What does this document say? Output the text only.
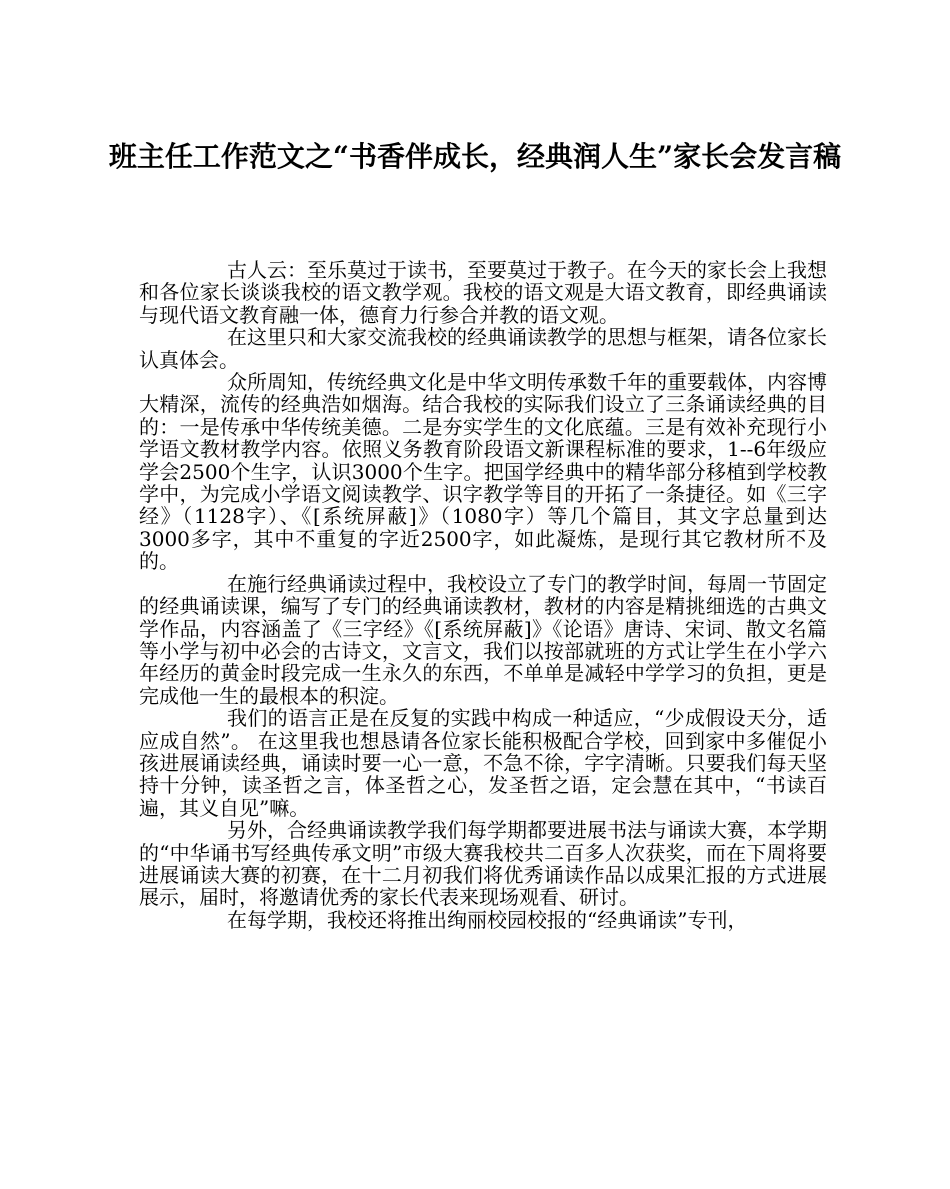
班主任工作范文之“书香伴成长，经典润人生”家长会发言稿

古人云：至乐莫过于读书，至要莫过于教子。在今天的家长会上我想和各位家长谈谈我校的语文教学观。我校的语文观是大语文教育，即经典诵读与现代语文教育融一体，德育力行参合并教的语文观。

在这里只和大家交流我校的经典诵读教学的思想与框架，请各位家长认真体会。

众所周知，传统经典文化是中华文明传承数千年的重要载体，内容博大精深，流传的经典浩如烟海。结合我校的实际我们设立了三条诵读经典的目的：一是传承中华传统美德。二是夯实学生的文化底蕴。三是有效补充现行小学语文教材教学内容。依照义务教育阶段语文新课程标准的要求，1--6年级应学会2500个生字，认识3000个生字。把国学经典中的精华部分移植到学校教学中，为完成小学语文阅读教学、识字教学等目的开拓了一条捷径。如《三字经》（1128字）、《[系统屏蔽]》（1080字）等几个篇目，其文字总量到达3000多字，其中不重复的字近2500字，如此凝炼，是现行其它教材所不及的。

在施行经典诵读过程中，我校设立了专门的教学时间，每周一节固定的经典诵读课，编写了专门的经典诵读教材，教材的内容是精挑细选的古典文学作品，内容涵盖了《三字经》《[系统屏蔽]》《论语》唐诗、宋词、散文名篇等小学与初中必会的古诗文，文言文，我们以按部就班的方式让学生在小学六年经历的黄金时段完成一生永久的东西，不单单是减轻中学学习的负担，更是完成他一生的最根本的积淀。

我们的语言正是在反复的实践中构成一种适应，“少成假设天分，适应成自然”。 在这里我也想恳请各位家长能积极配合学校，回到家中多催促小孩进展诵读经典，诵读时要一心一意，不急不徐，字字清晰。只要我们每天坚持十分钟，读圣哲之言，体圣哲之心，发圣哲之语，定会慧在其中，“书读百遍，其义自见”嘛。

另外，合经典诵读教学我们每学期都要进展书法与诵读大赛，本学期的“中华诵书写经典传承文明”市级大赛我校共二百多人次获奖，而在下周将要进展诵读大赛的初赛，在十二月初我们将优秀诵读作品以成果汇报的方式进展展示，届时，将邀请优秀的家长代表来现场观看、研讨。

在每学期，我校还将推出绚丽校园校报的“经典诵读”专刊，
